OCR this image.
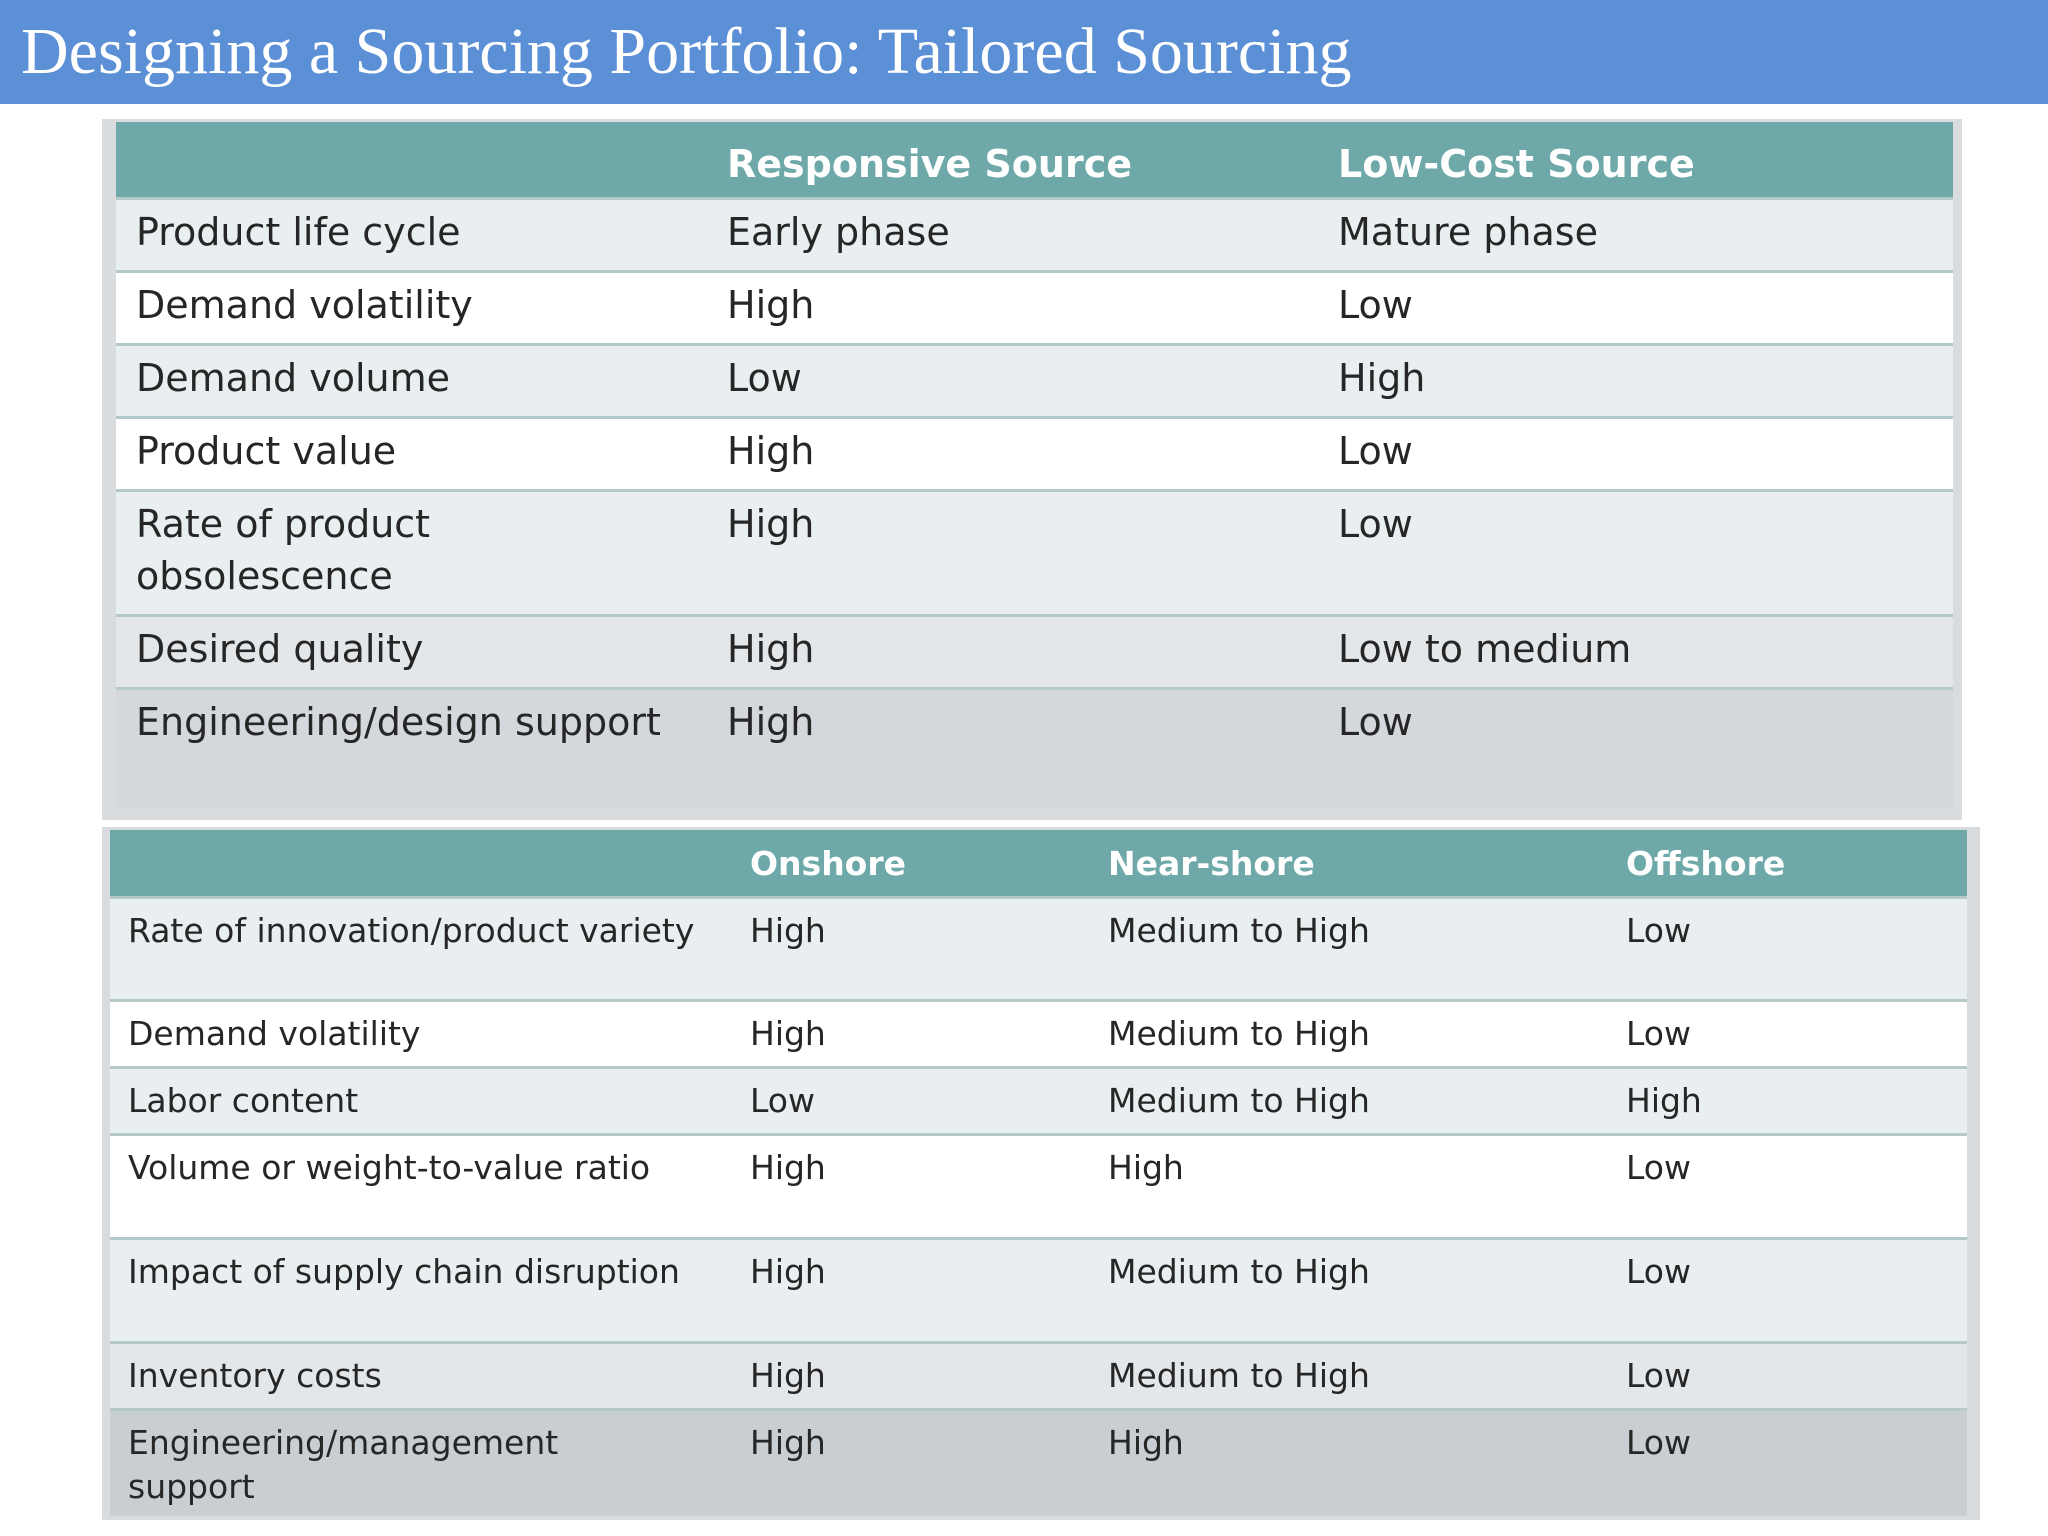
Designing a Sourcing Portfolio: Tailored Sourcing
	Responsive Source	Low-Cost Source
Product life cycle	Early phase	Mature phase
Demand volatility	High	Low
Demand volume	Low	High
Product value	High	Low
Rate of product obsolescence	High	Low
Desired quality	High	Low to medium
Engineering/design support	High	Low
	Onshore	Near-shore	Offshore
Rate of innovation/product variety	High	Medium to High	Low
Demand volatility	High	Medium to High	Low
Labor content	Low	Medium to High	High
Volume or weight-to-value ratio	High	High	Low
Impact of supply chain disruption	High	Medium to High	Low
Inventory costs	High	Medium to High	Low
Engineering/management support	High	High	Low
